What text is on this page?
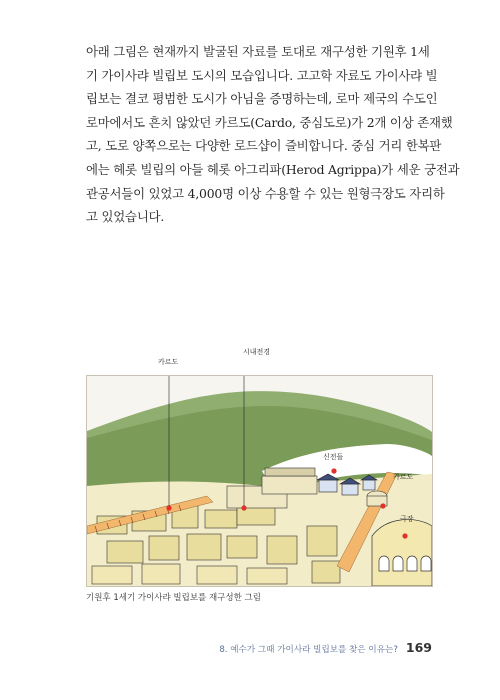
아래 그림은 현재까지 발굴된 자료를 토대로 재구성한 기원후 1세

기 가이사랴 빌립보 도시의 모습입니다. 고고학 자료도 가이사랴 빌

립보는 결코 평범한 도시가 아님을 증명하는데, 로마 제국의 수도인

로마에서도 흔치 않았던 카르도(Cardo, 중심도로)가 2개 이상 존재했

고, 도로 양쪽으로는 다양한 로드샵이 즐비합니다. 중심 거리 한복판

에는 헤롯 빌립의 아들 헤롯 아그리파(Herod Agrippa)가 세운 궁전과

관공서들이 있었고 4,000명 이상 수용할 수 있는 원형극장도 자리하

고 있었습니다.

카르도
시내전경
신전들
카르도
극장
기원후 1세기 가이사랴 빌립보를 재구성한 그림
8. 예수가 그때 가이사라 빌립보를 찾은 이유는? 169
